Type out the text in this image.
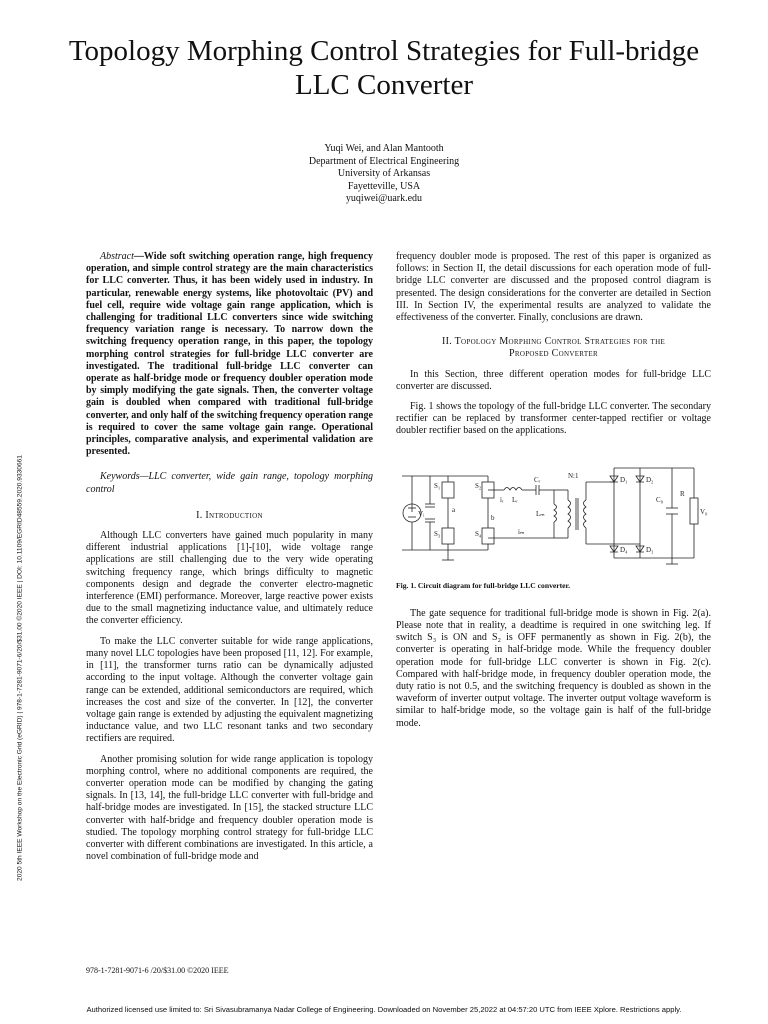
Topology Morphing Control Strategies for Full-bridge LLC Converter
Yuqi Wei, and Alan Mantooth
Department of Electrical Engineering
University of Arkansas
Fayetteville, USA
yuqiwei@uark.edu
2020 5th IEEE Workshop on the Electronic Grid (eGRID) | 978-1-7281-9071-6/20/$31.00 ©2020 IEEE | DOI: 10.1109/EGRID48559.2020.9330661

Abstract—Wide soft switching operation range, high frequency operation, and simple control strategy are the main characteristics for LLC converter. Thus, it has been widely used in industry. In particular, renewable energy systems, like photovoltaic (PV) and fuel cell, require wide voltage gain range application, which is challenging for traditional LLC converters since wide switching frequency variation range is necessary. To narrow down the switching frequency operation range, in this paper, the topology morphing control strategies for full-bridge LLC converter are investigated. The traditional full-bridge LLC converter can operate as half-bridge mode or frequency doubler operation mode by simply modifying the gate signals. Then, the converter voltage gain is doubled when compared with traditional full-bridge converter, and only half of the switching frequency operation range is required to cover the same voltage gain range. Operational principles, comparative analysis, and experimental validation are presented.

Keywords—LLC converter, wide gain range, topology morphing control

I. Introduction

Although LLC converters have gained much popularity in many different industrial applications [1]-[10], wide voltage range applications are still challenging due to the very wide operating switching frequency range, which brings difficulty to magnetic components design and degrade the converter electro-magnetic interference (EMI) performance. Moreover, large reactive power exists due to the small magnetizing inductance value, and ultimately reduce the converter efficiency.

To make the LLC converter suitable for wide range applications, many novel LLC topologies have been proposed [11, 12]. For example, in [11], the transformer turns ratio can be dynamically adjusted according to the input voltage. Although the converter voltage gain range can be extended, additional semiconductors are required, which increases the cost and size of the converter. In [12], the converter voltage gain range is extended by adjusting the equivalent magnetizing inductance value, and two LLC resonant tanks and two secondary rectifiers are required.

Another promising solution for wide range application is topology morphing control, where no additional components are required, the converter operation mode can be modified by changing the gating signals. In [13, 14], the full-bridge LLC converter with full-bridge and half-bridge modes are investigated. In [15], the stacked structure LLC converter with half-bridge and frequency doubler operation mode is studied. The topology morphing control strategy for full-bridge LLC converter with different combinations are investigated. In this article, a novel combination of full-bridge mode and

frequency doubler mode is proposed. The rest of this paper is organized as follows: in Section II, the detail discussions for each operation mode of full-bridge LLC converter are discussed and the proposed control diagram is presented. The design considerations for the converter are detailed in Section III. In Section IV, the experimental results are analyzed to validate the effectiveness of the converter. Finally, conclusions are drawn.

II. Topology Morphing Control Strategies for the
Proposed Converter

In this Section, three different operation modes for full-bridge LLC converter are discussed.

Fig. 1 shows the topology of the full-bridge LLC converter. The secondary rectifier can be replaced by transformer center-tapped rectifier or voltage doubler rectifier based on the applications.

Vᵢ
S₁
S₃
a
S₂
S₄
b
iᵣ Lᵣ
Cᵣ
Lₘ
iₘ
N:1	D₁	D₂
D₄	D₃
C₀
R
V₀
Fig. 1. Circuit diagram for full-bridge LLC converter.

The gate sequence for traditional full-bridge mode is shown in Fig. 2(a). Please note that in reality, a deadtime is required in one switching leg. If switch S₃ is ON and S₂ is OFF permanently as shown in Fig. 2(b), the converter is operating in half-bridge mode. While the frequency doubler operation mode for full-bridge LLC converter is shown in Fig. 2(c). Compared with half-bridge mode, in frequency doubler operation mode, the duty ratio is not 0.5, and the switching frequency is doubled as shown in the waveform of inverter output voltage. The inverter output voltage waveform is similar to half-bridge mode, so the voltage gain is half of the full-bridge mode.

978-1-7281-9071-6 /20/$31.00 ©2020 IEEE
Authorized licensed use limited to: Sri Sivasubramanya Nadar College of Engineering. Downloaded on November 25,2022 at 04:57:20 UTC from IEEE Xplore. Restrictions apply.
